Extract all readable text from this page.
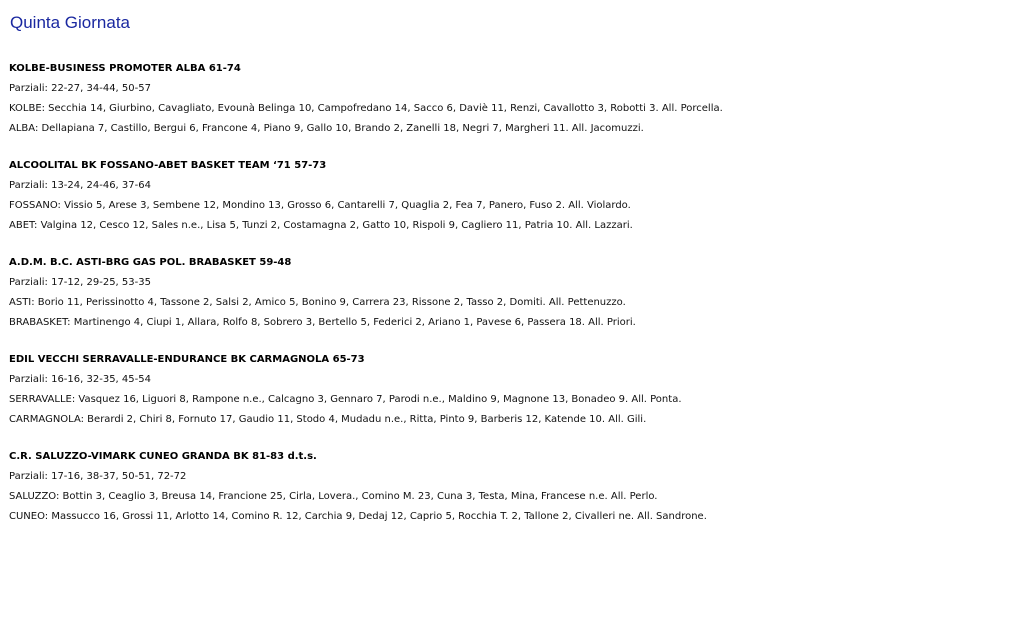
Quinta Giornata
KOLBE-BUSINESS PROMOTER ALBA 61-74
Parziali: 22-27, 34-44, 50-57
KOLBE: Secchia 14, Giurbino, Cavagliato, Evounà Belinga 10, Campofredano 14, Sacco 6, Daviè 11, Renzi, Cavallotto 3, Robotti 3. All. Porcella.
ALBA: Dellapiana 7, Castillo, Bergui 6, Francone 4, Piano 9, Gallo 10, Brando 2, Zanelli 18, Negri 7, Margheri 11. All. Jacomuzzi.
ALCOOLITAL BK FOSSANO-ABET BASKET TEAM ‘71 57-73
Parziali: 13-24, 24-46, 37-64
FOSSANO: Vissio 5, Arese 3, Sembene 12, Mondino 13, Grosso 6, Cantarelli 7, Quaglia 2, Fea 7, Panero, Fuso 2. All. Violardo.
ABET: Valgina 12, Cesco 12, Sales n.e., Lisa 5, Tunzi 2, Costamagna 2, Gatto 10, Rispoli 9, Cagliero 11, Patria 10. All. Lazzari.
A.D.M. B.C. ASTI-BRG GAS POL. BRABASKET 59-48
Parziali: 17-12, 29-25, 53-35
ASTI: Borio 11, Perissinotto 4, Tassone 2, Salsi 2, Amico 5, Bonino 9, Carrera 23, Rissone 2, Tasso 2, Domiti. All. Pettenuzzo.
BRABASKET: Martinengo 4, Ciupi 1, Allara, Rolfo 8, Sobrero 3, Bertello 5, Federici 2, Ariano 1, Pavese 6, Passera 18. All. Priori.
EDIL VECCHI SERRAVALLE-ENDURANCE BK CARMAGNOLA 65-73
Parziali: 16-16, 32-35, 45-54
SERRAVALLE: Vasquez 16, Liguori 8, Rampone n.e., Calcagno 3, Gennaro 7, Parodi n.e., Maldino 9, Magnone 13, Bonadeo 9. All. Ponta.
CARMAGNOLA: Berardi 2, Chiri 8, Fornuto 17, Gaudio 11, Stodo 4, Mudadu n.e., Ritta, Pinto 9, Barberis 12, Katende 10. All. Gili.
C.R. SALUZZO-VIMARK CUNEO GRANDA BK 81-83 d.t.s.
Parziali: 17-16, 38-37, 50-51, 72-72
SALUZZO: Bottin 3, Ceaglio 3, Breusa 14, Francione 25, Cirla, Lovera., Comino M. 23, Cuna 3, Testa, Mina, Francese n.e. All. Perlo.
CUNEO: Massucco 16, Grossi 11, Arlotto 14, Comino R. 12, Carchia 9, Dedaj 12, Caprio 5, Rocchia T. 2, Tallone 2, Civalleri ne. All. Sandrone.
